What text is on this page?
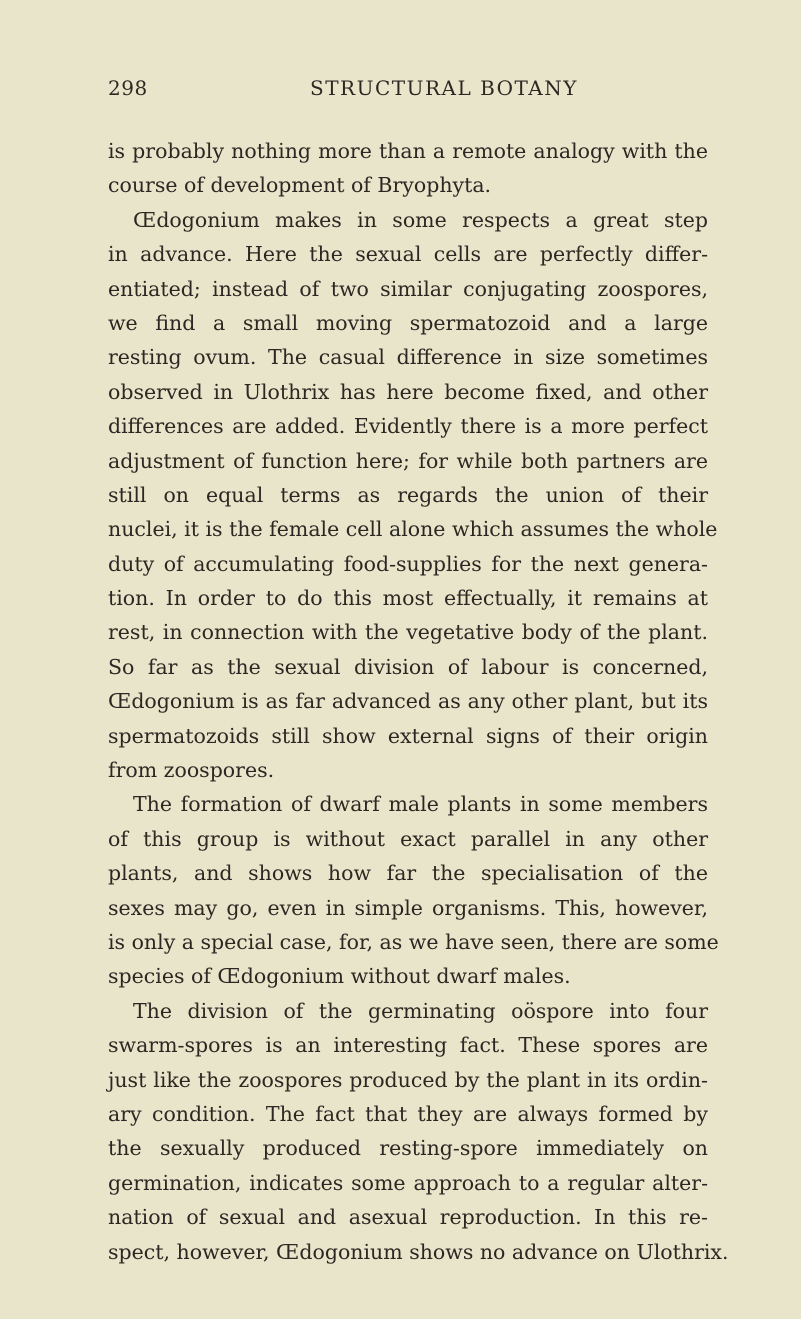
298	STRUCTURAL BOTANY
is probably nothing more than a remote analogy with the
course of development of Bryophyta.
Œdogonium makes in some respects a great step
in advance. Here the sexual cells are perfectly differ-
entiated; instead of two similar conjugating zoospores,
we find a small moving spermatozoid and a large
resting ovum. The casual difference in size sometimes
observed in Ulothrix has here become fixed, and other
differences are added. Evidently there is a more perfect
adjustment of function here; for while both partners are
still on equal terms as regards the union of their
nuclei, it is the female cell alone which assumes the whole
duty of accumulating food-supplies for the next genera-
tion. In order to do this most effectually, it remains at
rest, in connection with the vegetative body of the plant.
So far as the sexual division of labour is concerned,
Œdogonium is as far advanced as any other plant, but its
spermatozoids still show external signs of their origin
from zoospores.
The formation of dwarf male plants in some members
of this group is without exact parallel in any other
plants, and shows how far the specialisation of the
sexes may go, even in simple organisms. This, however,
is only a special case, for, as we have seen, there are some
species of Œdogonium without dwarf males.
The division of the germinating oöspore into four
swarm-spores is an interesting fact. These spores are
just like the zoospores produced by the plant in its ordin-
ary condition. The fact that they are always formed by
the sexually produced resting-spore immediately on
germination, indicates some approach to a regular alter-
nation of sexual and asexual reproduction. In this re-
spect, however, Œdogonium shows no advance on Ulothrix.
